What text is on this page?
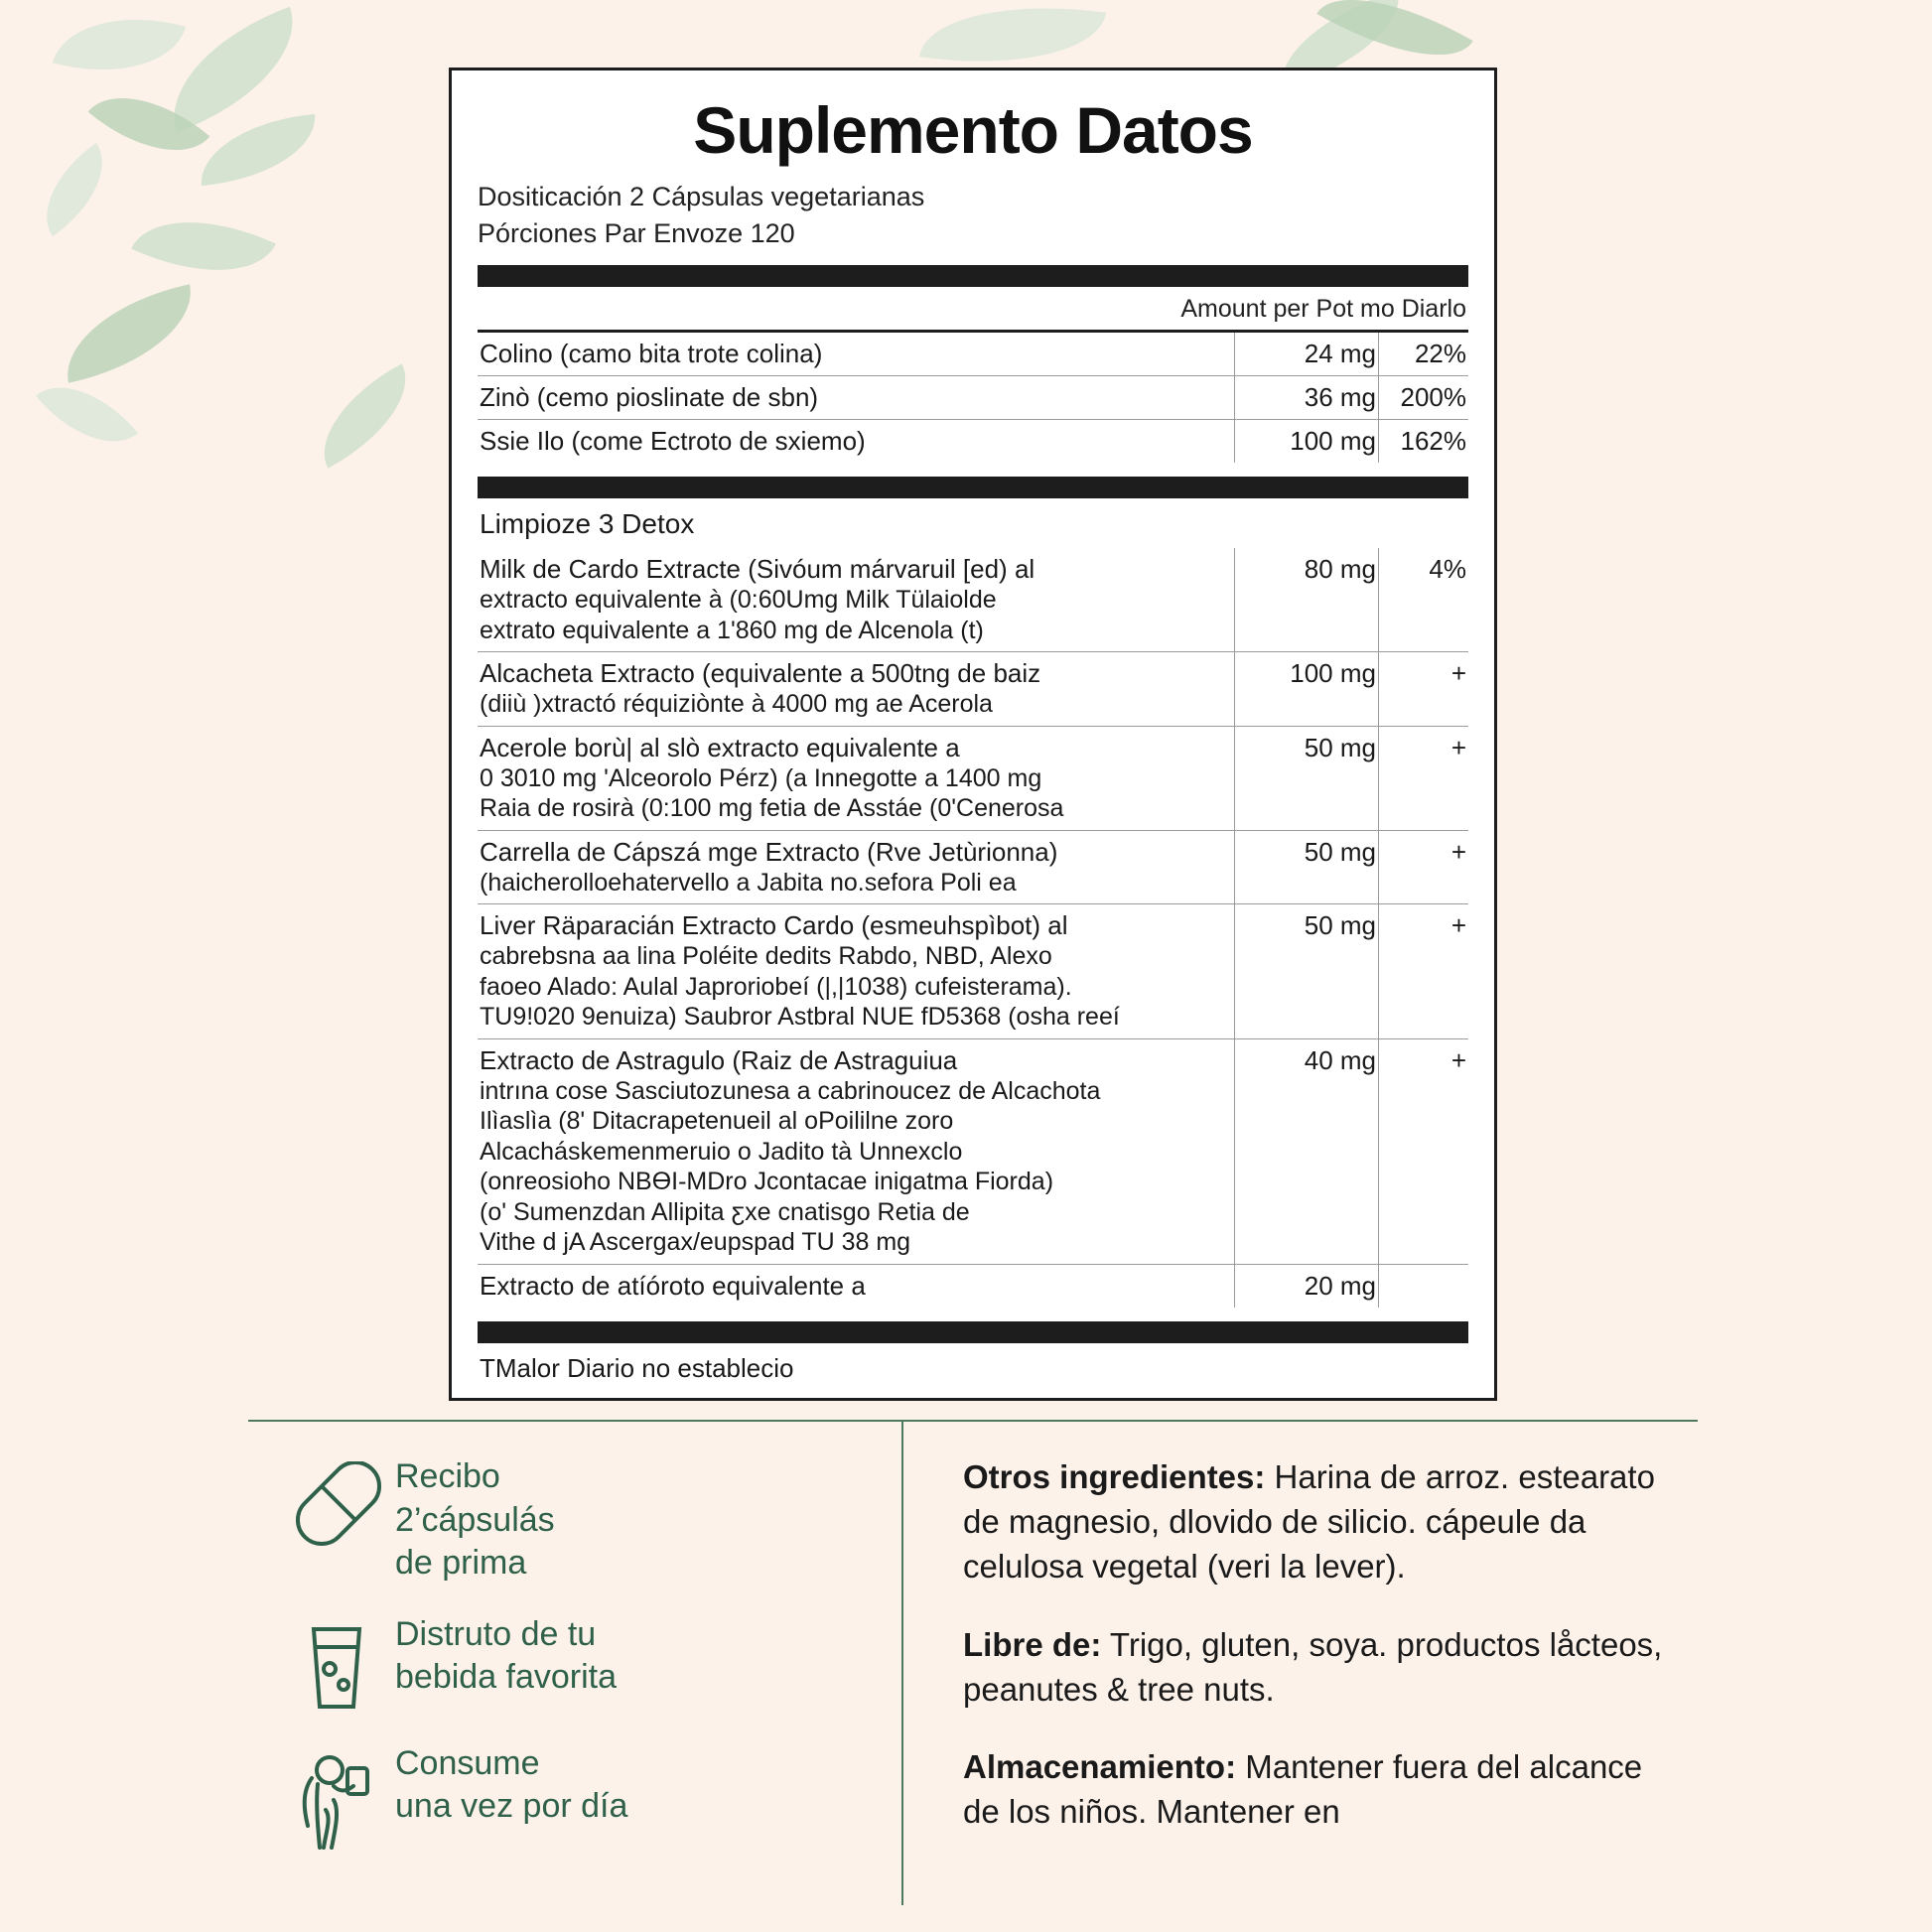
Suplemento Datos
Dositicación 2 Cápsulas vegetarianas
Pórciones Par Envoze 120
Amount per Pot mo Diarlo
Colino (camo bita trote colina)	24 mg	22%
Zinò (cemo pioslinate de sbn)	36 mg	200%
Ssie Ilo (come Ectroto de sxiemo)	100 mg	162%
Limpioze 3 Detox
Milk de Cardo Extracte (Sivóum márvaruil [ed) al
extracto equivalente à (0:60Umg Milk Tülaiolde
extrato equivalente a 1'860 mg de Alcenola (t)	80 mg	4%

Alcacheta Extracto (equivalente a 500tng de baiz
(diiù )xtractó réquiziònte à 4000 mg ae Acerola	100 mg	+

Acerole borù| al slò extracto equivalente a
0 3010 mg 'Alceorolo Pérz) (a Innegotte a 1400 mg
Raia de rosirà (0:100 mg fetia de Asstáe (0'Cenerosa	50 mg	+

Carrella de Cápszá mge Extracto (Rve Jetùrionna)
(haicherolloehatervello a Jabita no.sefora Poli ea	50 mg	+

Liver Räparacián Extracto Cardo (esmeuhspìbot) al
cabrebsna aa lina Poléite dedits Rabdo, NBD, Alexo
faoeo Alado: Aulal Japroriobeí (|,|1038) cufeisterama).
TU9!020 9enuiza) Saubror Astbral NUE fD5368 (osha reeí	50 mg	+

Extracto de Astragulo (Raiz de Astraguiua
intrına cose Sasciutozunesa a cabrinoucez de Alcachota
Ilìaslìa (8' Ditacrapetenueil al oPoililne zoro
Alcacháskemenmeruio o Jadito tà Unnexclo
(onreosioho NBƟI-MDro Jcontacae inigatma Fiorda)
(o' Sumenzdan Allipita ƹxe cnatisgo Retia de
Vithe d jA Ascergax/eupspad TU 38 mg
	40 mg	+
Extracto de atíóroto equivalente a	20 mg	
TMalor Diario no establecio
Recibo
2’cápsulás
de prima
Distruto de tu
bebida favorita
Consume
una vez por día
Otros ingredientes: Harina de arroz. estearato de magnesio, dlovido de silicio. cápeule da celulosa vegetal (veri la lever).
Libre de: Trigo, gluten, soya. productos låcteos, peanutes & tree nuts.
Almacenamiento: Mantener fuera del alcance de los niños. Mantener en
